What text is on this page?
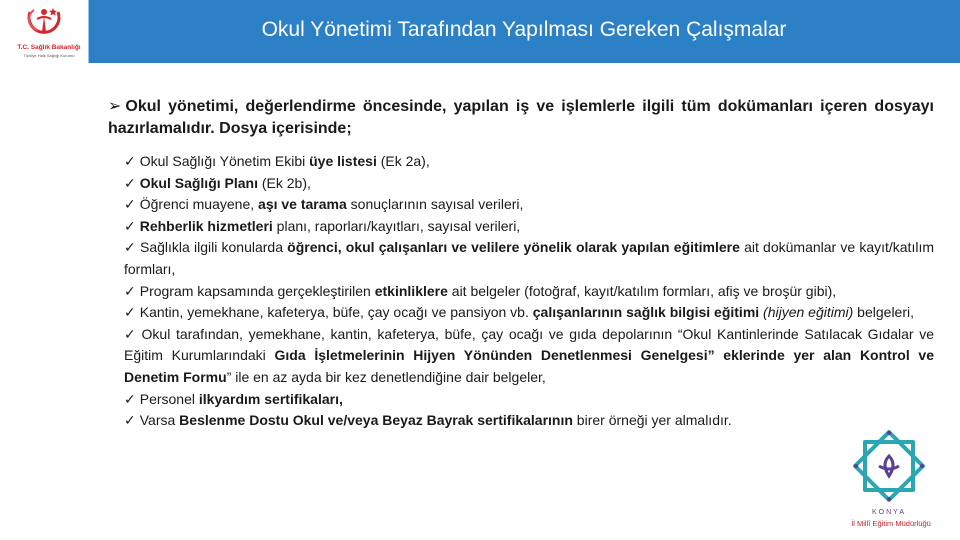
T.C. Sağlık Bakanlığı
Türkiye Halk Sağlığı Kurumu
Okul Yönetimi Tarafından Yapılması Gereken Çalışmalar

➢ Okul yönetimi, değerlendirme öncesinde, yapılan iş ve işlemlerle ilgili tüm dokümanları içeren dosyayı hazırlamalıdır. Dosya içerisinde;

✓ Okul Sağlığı Yönetim Ekibi üye listesi (Ek 2a),
✓ Okul Sağlığı Planı (Ek 2b),
✓ Öğrenci muayene, aşı ve tarama sonuçlarının sayısal verileri,
✓ Rehberlik hizmetleri planı, raporları/kayıtları, sayısal verileri,
✓ Sağlıkla ilgili konularda öğrenci, okul çalışanları ve velilere yönelik olarak yapılan eğitimlere ait dokümanlar ve kayıt/katılım formları,
✓ Program kapsamında gerçekleştirilen etkinliklere ait belgeler (fotoğraf, kayıt/katılım formları, afiş ve broşür gibi),
✓ Kantin, yemekhane, kafeterya, büfe, çay ocağı ve pansiyon vb. çalışanlarının sağlık bilgisi eğitimi (hijyen eğitimi) belgeleri,
✓ Okul tarafından, yemekhane, kantin, kafeterya, büfe, çay ocağı ve gıda depolarının “Okul Kantinlerinde Satılacak Gıdalar ve Eğitim Kurumlarındaki Gıda İşletmelerinin Hijyen Yönünden Denetlenmesi Genelgesi” eklerinde yer alan Kontrol ve Denetim Formu” ile en az ayda bir kez denetlendiğine dair belgeler,
✓ Personel ilkyardım sertifikaları,
✓ Varsa Beslenme Dostu Okul ve/veya Beyaz Bayrak sertifikalarının birer örneği yer almalıdır.
KONYA
İl Millî Eğitim Müdürlüğü
